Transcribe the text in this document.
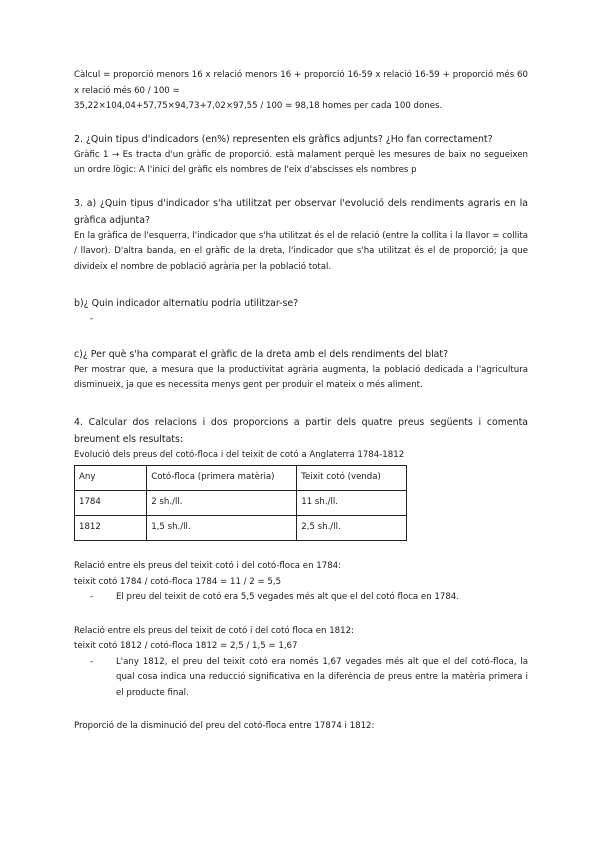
Càlcul = proporció menors 16 x relació menors 16 + proporció 16-59 x relació 16-59 + proporció més 60 x relació més 60 / 100 =

35,22×104,04+57,75×94,73+7,02×97,55 / 100 = 98,18 homes per cada 100 dones.

2. ¿Quin tipus d'indicadors (en%) representen els gràfics adjunts? ¿Ho fan correctament?

Gràfic 1 → Es tracta d'un gràfic de proporció. està malament perquè les mesures de baix no segueixen un ordre lògic: A l'inici del gràfic els nombres de l'eix d'abscisses els nombres p

3. a) ¿Quin tipus d'indicador s'ha utilitzat per observar l'evolució dels rendiments agraris en la gràfica adjunta?

En la gràfica de l'esquerra, l'indicador que s'ha utilitzat és el de relació (entre la collita i la llavor = collita / llavor). D'altra banda, en el gràfic de la dreta, l'indicador que s'ha utilitzat és el de proporció; ja que divideix el nombre de població agrària per la població total.

b)¿ Quin indicador alternatiu podria utilitzar-se?

-

c)¿ Per què s'ha comparat el gràfic de la dreta amb el dels rendiments del blat?

Per mostrar que, a mesura que la productivitat agrària augmenta, la població dedicada a l'agricultura disminueix, ja que es necessita menys gent per produir el mateix o més aliment.

4. Calcular dos relacions i dos proporcions a partir dels quatre preus següents i comenta breument els resultats:

Evolució dels preus del cotó-floca i del teixit de cotó a Anglaterra 1784-1812

Any	Cotó-floca (primera matèria)	Teixit cotó (venda)
1784	2 sh./ll.	11 sh./ll.
1812	1,5 sh./ll.	2,5 sh./ll.

Relació entre els preus del teixit cotó i del cotó-floca en 1784:

teixit cotó 1784 / cotó-floca 1784 = 11 / 2 = 5,5

-	El preu del teixit de cotó era 5,5 vegades més alt que el del cotó floca en 1784.

Relació entre els preus del teixit de cotó i del cotó floca en 1812:

teixit cotó 1812 / cotó-floca 1812 = 2,5 / 1,5 = 1,67

-	L'any 1812, el preu del teixit cotó era només 1,67 vegades més alt que el del cotó-floca, la qual cosa indica una reducció significativa en la diferència de preus entre la matèria primera i el producte final.

Proporció de la disminució del preu del cotó-floca entre 17874 i 1812:
